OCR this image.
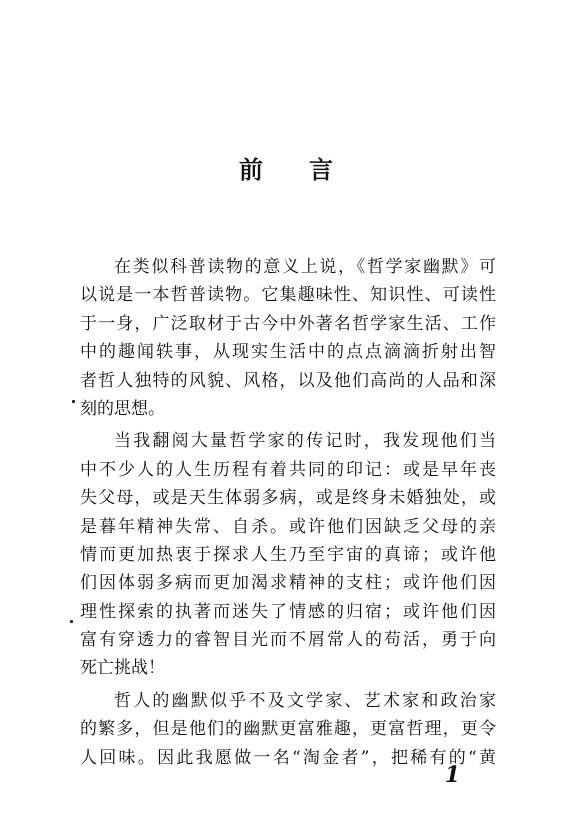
前言
在类似科普读物的意义上说，《哲学家幽默》可
以说是一本哲普读物。它集趣味性、知识性、可读性
于一身，广泛取材于古今中外著名哲学家生活、工作
中的趣闻轶事，从现实生活中的点点滴滴折射出智
者哲人独特的风貌、风格，以及他们高尚的人品和深
刻的思想。
当我翻阅大量哲学家的传记时，我发现他们当
中不少人的人生历程有着共同的印记：或是早年丧
失父母，或是天生体弱多病，或是终身未婚独处，或
是暮年精神失常、自杀。或许他们因缺乏父母的亲
情而更加热衷于探求人生乃至宇宙的真谛；或许他
们因体弱多病而更加渴求精神的支柱；或许他们因
理性探索的执著而迷失了情感的归宿；或许他们因
富有穿透力的睿智目光而不屑常人的苟活，勇于向
死亡挑战！
哲人的幽默似乎不及文学家、艺术家和政治家
的繁多，但是他们的幽默更富雅趣，更富哲理，更令
人回味。因此我愿做一名“淘金者”，把稀有的“黄
1
